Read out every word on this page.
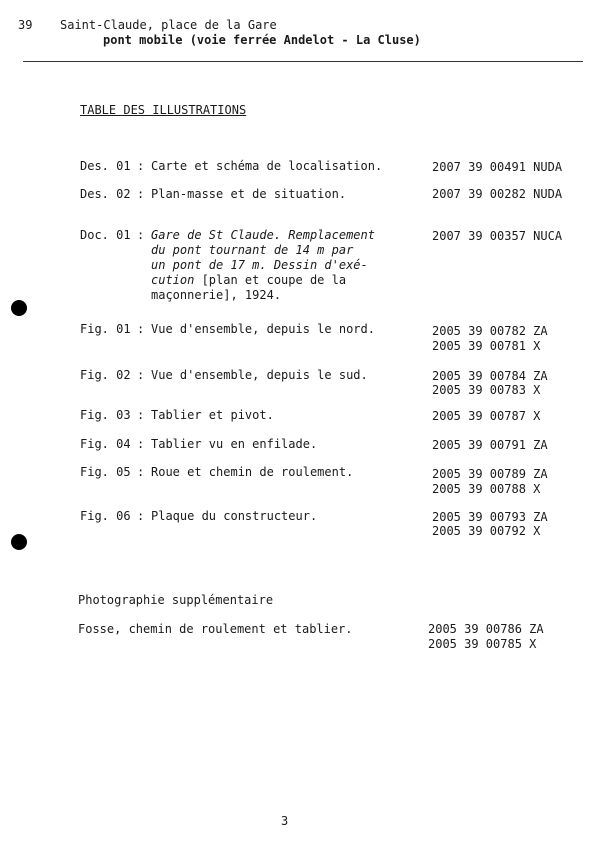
39 Saint-Claude, place de la Gare
pont mobile (voie ferrée Andelot - La Cluse)
TABLE DES ILLUSTRATIONS
Des. 01 : Carte et schéma de localisation.	2007 39 00491 NUDA
Des. 02 : Plan-masse et de situation.	2007 39 00282 NUDA
Doc. 01 : Gare de St Claude. Remplacement
du pont tournant de 14 m par
un pont de 17 m. Dessin d'exé-
cution [plan et coupe de la
maçonnerie], 1924.
2007 39 00357 NUCA
Fig. 01 : Vue d'ensemble, depuis le nord.	2005 39 00782 ZA
2005 39 00781 X
Fig. 02 : Vue d'ensemble, depuis le sud.	2005 39 00784 ZA
2005 39 00783 X
Fig. 03 : Tablier et pivot.	2005 39 00787 X
Fig. 04 : Tablier vu en enfilade.	2005 39 00791 ZA
Fig. 05 : Roue et chemin de roulement.	2005 39 00789 ZA
2005 39 00788 X
Fig. 06 : Plaque du constructeur.	2005 39 00793 ZA
2005 39 00792 X
Photographie supplémentaire
Fosse, chemin de roulement et tablier.	2005 39 00786 ZA
2005 39 00785 X
3
